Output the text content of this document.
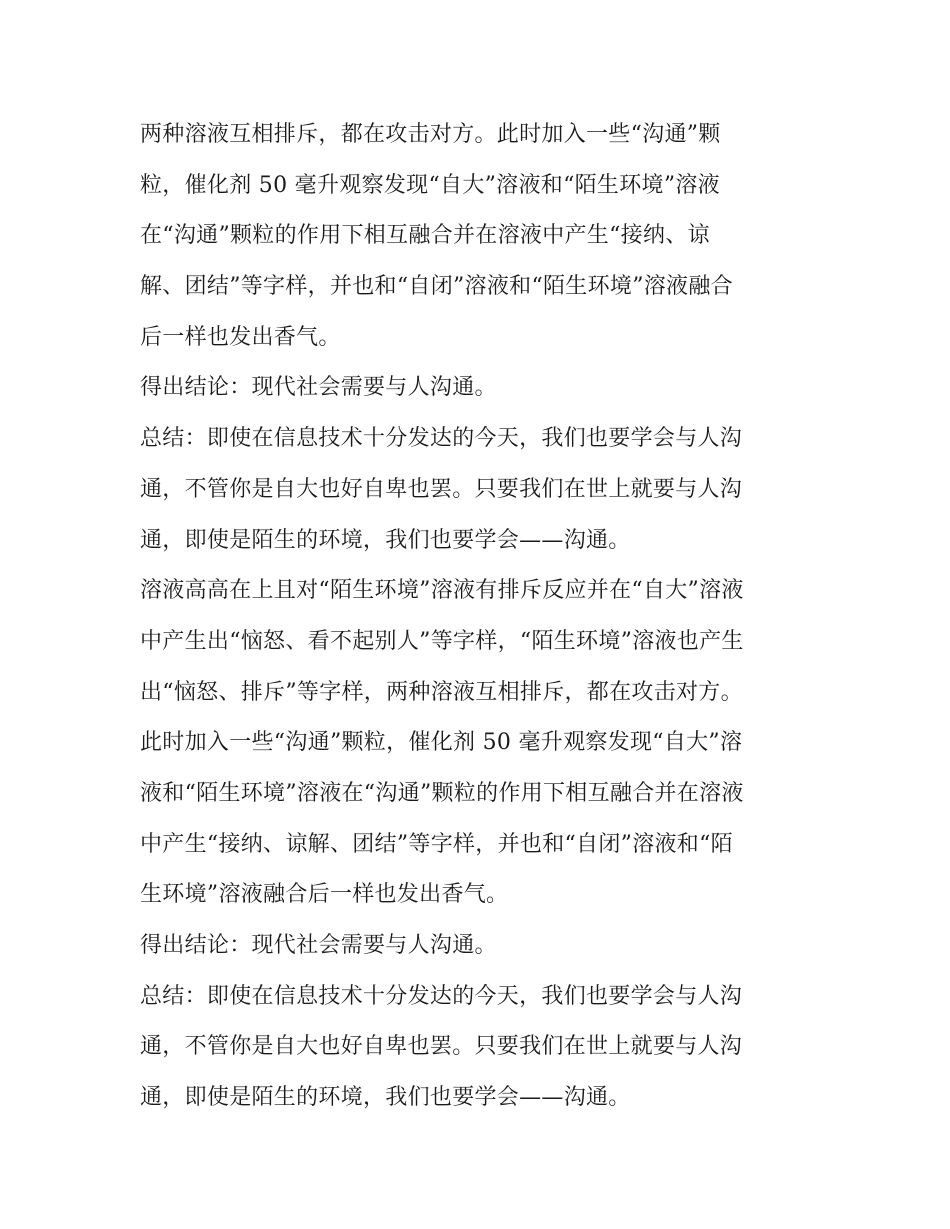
两种溶液互相排斥，都在攻击对方。此时加入一些“沟通”颗
粒，催化剂 50 毫升观察发现“自大”溶液和“陌生环境”溶液
在“沟通”颗粒的作用下相互融合并在溶液中产生“接纳、谅
解、团结”等字样，并也和“自闭”溶液和“陌生环境”溶液融合
后一样也发出香气。
得出结论：现代社会需要与人沟通。
总结：即使在信息技术十分发达的今天，我们也要学会与人沟
通，不管你是自大也好自卑也罢。只要我们在世上就要与人沟
通，即使是陌生的环境，我们也要学会——沟通。
溶液高高在上且对“陌生环境”溶液有排斥反应并在“自大”溶液
中产生出“恼怒、看不起别人”等字样，“陌生环境”溶液也产生
出“恼怒、排斥”等字样，两种溶液互相排斥，都在攻击对方。
此时加入一些“沟通”颗粒，催化剂 50 毫升观察发现“自大”溶
液和“陌生环境”溶液在“沟通”颗粒的作用下相互融合并在溶液
中产生“接纳、谅解、团结”等字样，并也和“自闭”溶液和“陌
生环境”溶液融合后一样也发出香气。
得出结论：现代社会需要与人沟通。
总结：即使在信息技术十分发达的今天，我们也要学会与人沟
通，不管你是自大也好自卑也罢。只要我们在世上就要与人沟
通，即使是陌生的环境，我们也要学会——沟通。
